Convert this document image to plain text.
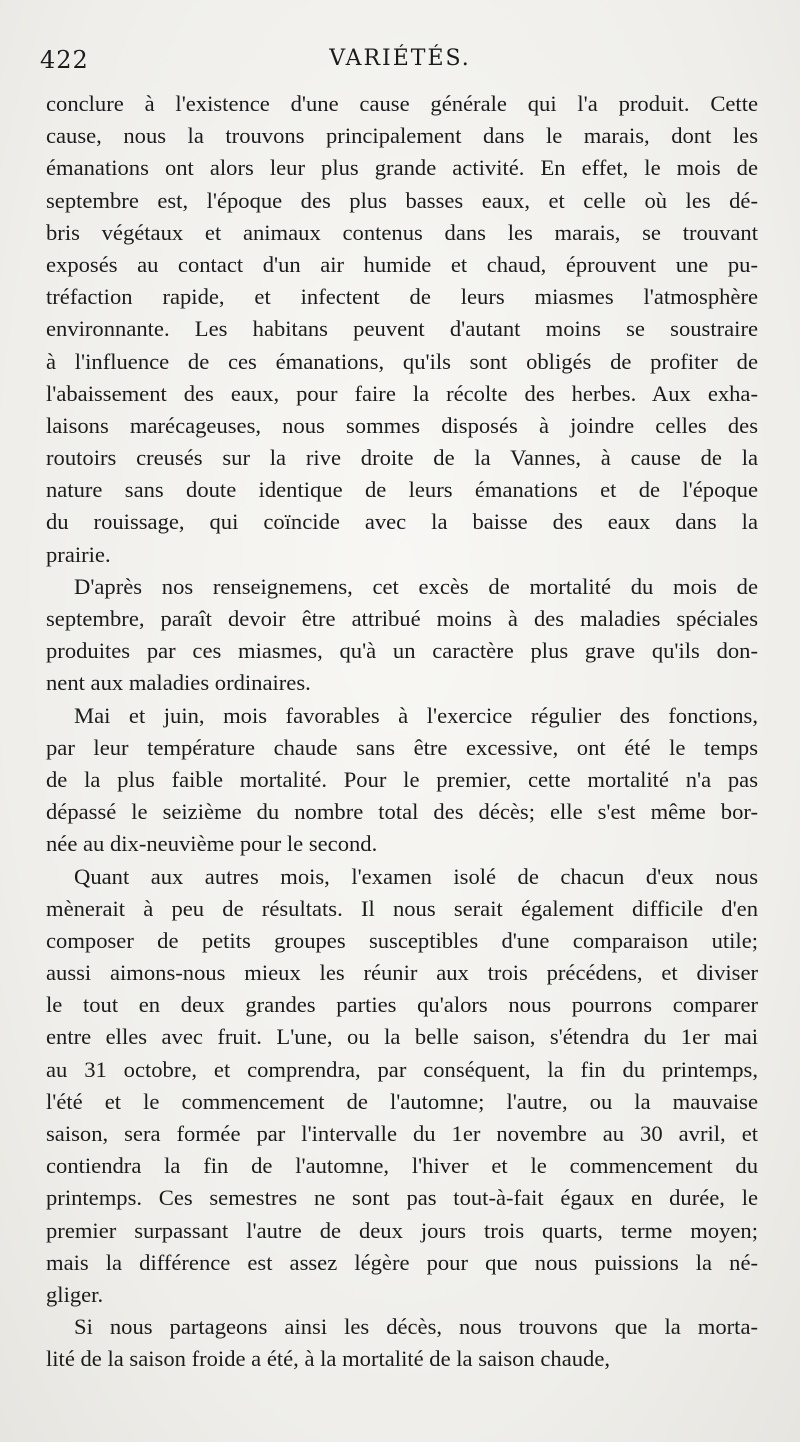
422	VARIÉTÉS.
conclure à l'existence d'une cause générale qui l'a produit. Cette
cause, nous la trouvons principalement dans le marais, dont les
émanations ont alors leur plus grande activité. En effet, le mois de
septembre est, l'époque des plus basses eaux, et celle où les dé-
bris végétaux et animaux contenus dans les marais, se trouvant
exposés au contact d'un air humide et chaud, éprouvent une pu-
tréfaction rapide, et infectent de leurs miasmes l'atmosphère
environnante. Les habitans peuvent d'autant moins se soustraire
à l'influence de ces émanations, qu'ils sont obligés de profiter de
l'abaissement des eaux, pour faire la récolte des herbes. Aux exha-
laisons marécageuses, nous sommes disposés à joindre celles des
routoirs creusés sur la rive droite de la Vannes, à cause de la
nature sans doute identique de leurs émanations et de l'époque
du rouissage, qui coïncide avec la baisse des eaux dans la
prairie.
D'après nos renseignemens, cet excès de mortalité du mois de
septembre, paraît devoir être attribué moins à des maladies spéciales
produites par ces miasmes, qu'à un caractère plus grave qu'ils don-
nent aux maladies ordinaires.
Mai et juin, mois favorables à l'exercice régulier des fonctions,
par leur température chaude sans être excessive, ont été le temps
de la plus faible mortalité. Pour le premier, cette mortalité n'a pas
dépassé le seizième du nombre total des décès; elle s'est même bor-
née au dix-neuvième pour le second.
Quant aux autres mois, l'examen isolé de chacun d'eux nous
mènerait à peu de résultats. Il nous serait également difficile d'en
composer de petits groupes susceptibles d'une comparaison utile;
aussi aimons-nous mieux les réunir aux trois précédens, et diviser
le tout en deux grandes parties qu'alors nous pourrons comparer
entre elles avec fruit. L'une, ou la belle saison, s'étendra du 1er mai
au 31 octobre, et comprendra, par conséquent, la fin du printemps,
l'été et le commencement de l'automne; l'autre, ou la mauvaise
saison, sera formée par l'intervalle du 1er novembre au 30 avril, et
contiendra la fin de l'automne, l'hiver et le commencement du
printemps. Ces semestres ne sont pas tout-à-fait égaux en durée, le
premier surpassant l'autre de deux jours trois quarts, terme moyen;
mais la différence est assez légère pour que nous puissions la né-
gliger.
Si nous partageons ainsi les décès, nous trouvons que la morta-
lité de la saison froide a été, à la mortalité de la saison chaude,
